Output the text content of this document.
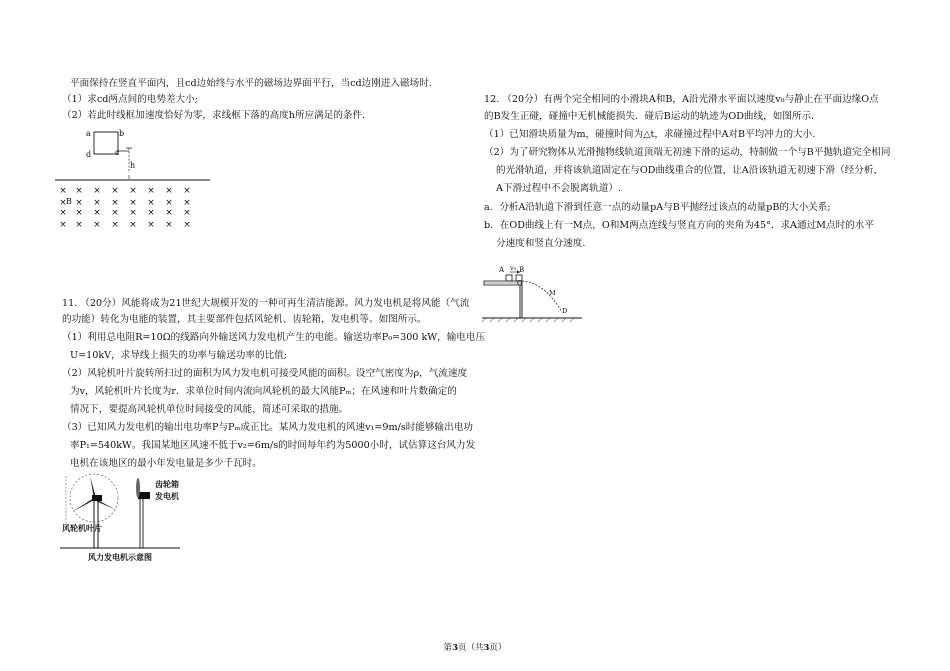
平面保持在竖直平面内，且cd边始终与水平的磁场边界面平行，当cd边刚进入磁场时.
（1）求cd两点间的电势差大小;
（2）若此时线框加速度恰好为零，求线框下落的高度h所应满足的条件.
× × × × × × × ×
× × × × × × × ×
× × × × × × × ×
× × × × × × × ×
a	b
c
d
h
B
11. （20分）风能将成为21世纪大规模开发的一种可再生清洁能源。风力发电机是将风能（气流
的功能）转化为电能的装置，其主要部件包括风轮机、齿轮箱，发电机等。如图所示。
（1）利用总电阻R=10Ω的线路向外输送风力发电机产生的电能。输送功率P₀=300 kW，输电电压
U=10kV，求导线上损失的功率与输送功率的比值;
（2）风轮机叶片旋转所扫过的面积为风力发电机可接受风能的面积。设空气密度为ρ，气流速度
为v，风轮机叶片长度为r．求单位时间内流向风轮机的最大风能Pₘ；在风速和叶片数确定的
情况下，要提高风轮机单位时间接受的风能，简述可采取的措施。
（3）已知风力发电机的输出电功率P与Pₘ成正比。某风力发电机的风速v₁=9m/s时能够输出电功
率P₁=540kW。我国某地区风速不低于v₂=6m/s的时间每年约为5000小时，试估算这台风力发
电机在该地区的最小年发电量是多少千瓦时。
齿轮箱
发电机
风轮机叶片
风力发电机示意图
12. （20分）有两个完全相同的小滑块A和B，A沿光滑水平面以速度v₀与静止在平面边缘O点
的B发生正碰，碰撞中无机械能损失．碰后B运动的轨迹为OD曲线，如图所示．
（1）已知滑块质量为m，碰撞时间为△t，求碰撞过程中A对B平均冲力的大小．
（2）为了研究物体从光滑抛物线轨道顶端无初速下滑的运动，特制做一个与B平抛轨道完全相同
的光滑轨道，并将该轨道固定在与OD曲线重合的位置，让A沿该轨道无初速下滑（经分析，
A下滑过程中不会脱离轨道）.
a．分析A沿轨道下滑到任意一点的动量pA与B平抛经过该点的动量pB的大小关系;
b．在OD曲线上有一M点，O和M两点连线与竖直方向的夹角为45°．求A通过M点时的水平
分速度和竖直分速度.
A v₀ B
O
M
D
第3页（共3页）
